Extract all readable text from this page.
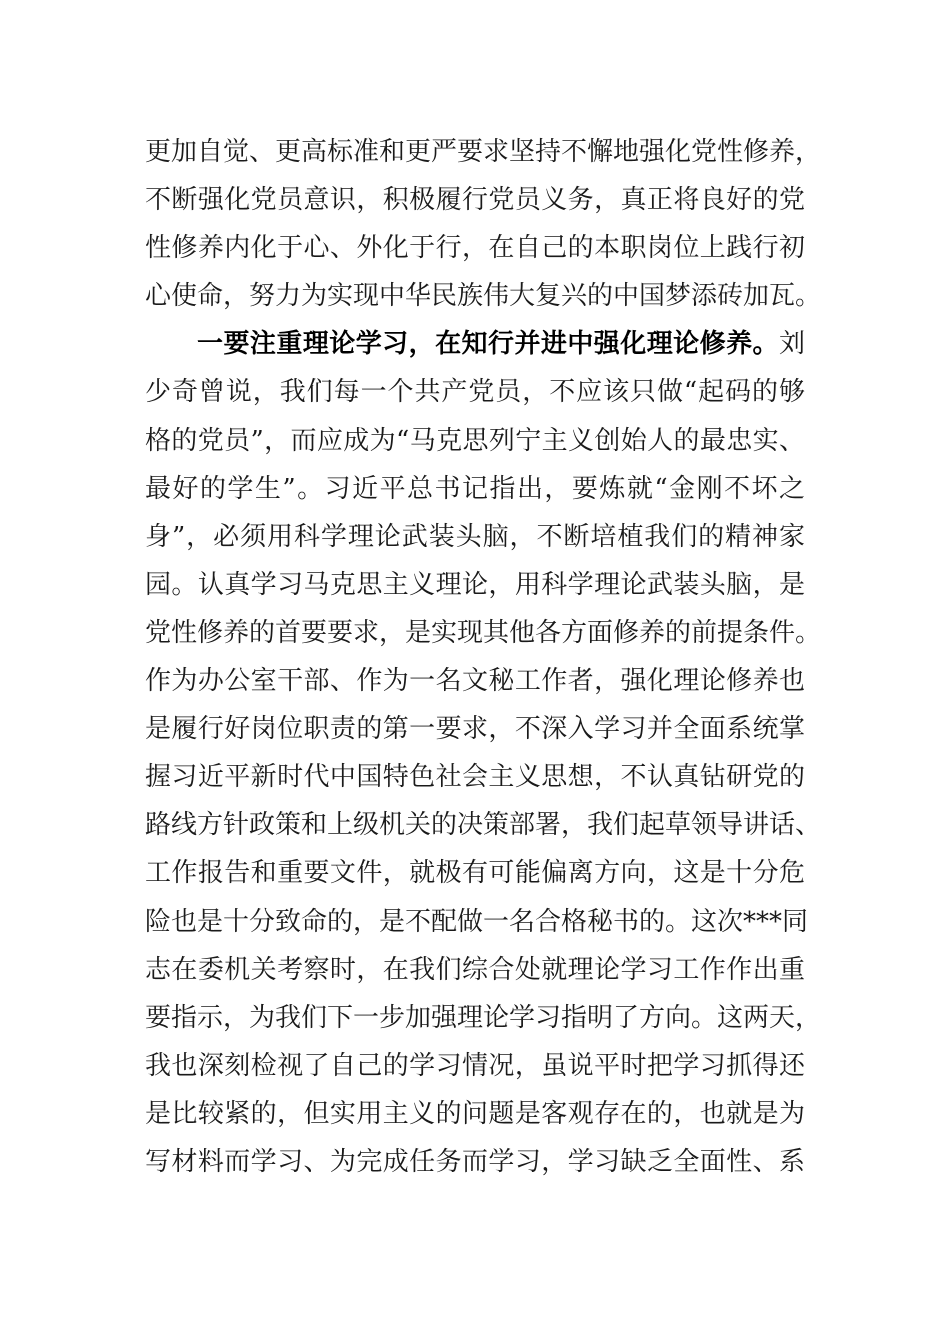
更加自觉、更高标准和更严要求坚持不懈地强化党性修养，
不断强化党员意识，积极履行党员义务，真正将良好的党
性修养内化于心、外化于行，在自己的本职岗位上践行初
心使命，努力为实现中华民族伟大复兴的中国梦添砖加瓦。
一要注重理论学习，在知行并进中强化理论修养。刘
少奇曾说，我们每一个共产党员，不应该只做“起码的够
格的党员”，而应成为“马克思列宁主义创始人的最忠实、
最好的学生”。习近平总书记指出，要炼就“金刚不坏之
身”，必须用科学理论武装头脑，不断培植我们的精神家
园。认真学习马克思主义理论，用科学理论武装头脑，是
党性修养的首要要求，是实现其他各方面修养的前提条件。
作为办公室干部、作为一名文秘工作者，强化理论修养也
是履行好岗位职责的第一要求，不深入学习并全面系统掌
握习近平新时代中国特色社会主义思想，不认真钻研党的
路线方针政策和上级机关的决策部署，我们起草领导讲话、
工作报告和重要文件，就极有可能偏离方向，这是十分危
险也是十分致命的，是不配做一名合格秘书的。这次***同
志在委机关考察时，在我们综合处就理论学习工作作出重
要指示，为我们下一步加强理论学习指明了方向。这两天，
我也深刻检视了自己的学习情况，虽说平时把学习抓得还
是比较紧的，但实用主义的问题是客观存在的，也就是为
写材料而学习、为完成任务而学习，学习缺乏全面性、系
